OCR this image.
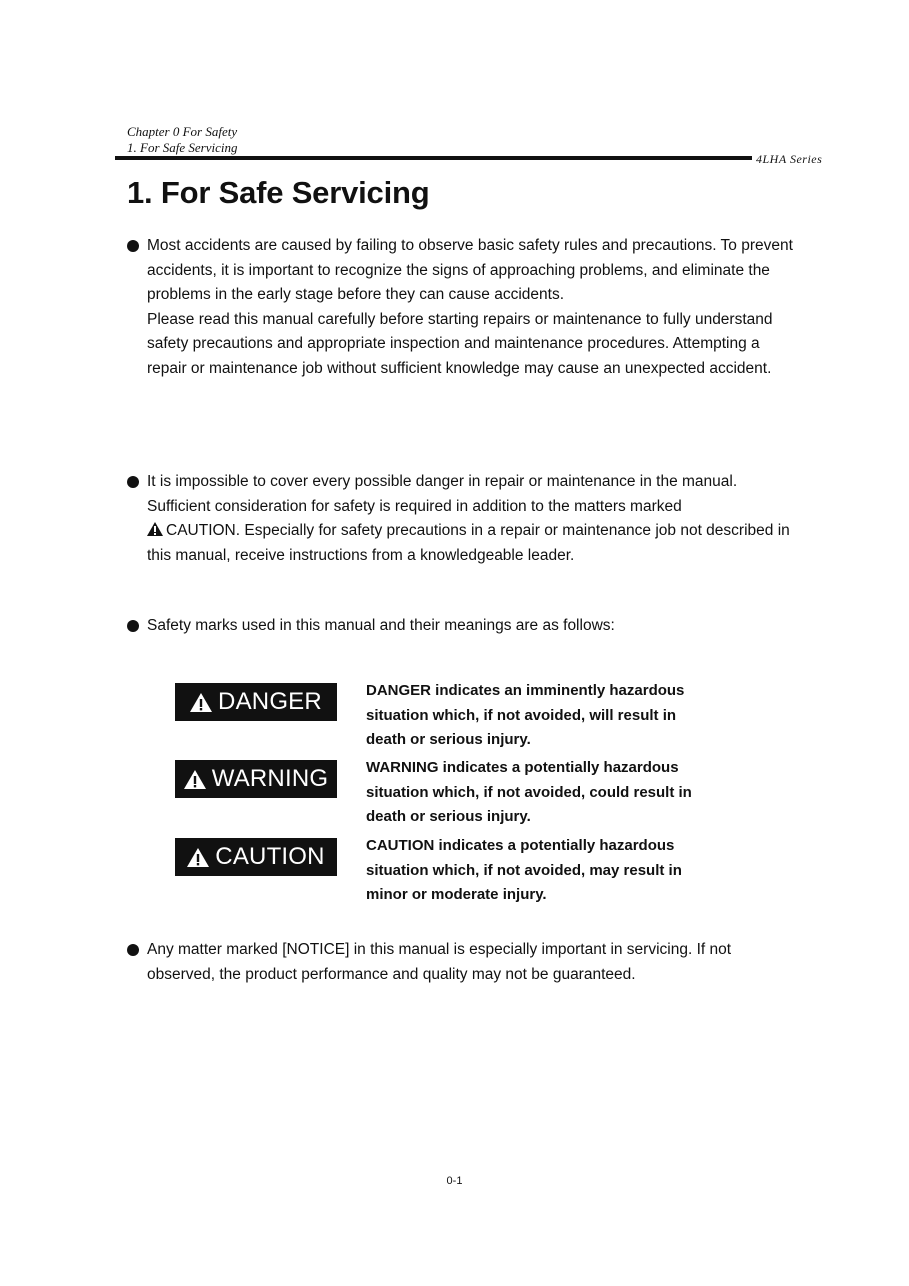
Chapter 0 For Safety
1. For Safe Servicing
4LHA Series
1. For Safe Servicing

Most accidents are caused by failing to observe basic safety rules and precautions. To prevent accidents, it is important to recognize the signs of approaching problems, and eliminate the problems in the early stage before they can cause accidents.

Please read this manual carefully before starting repairs or maintenance to fully understand safety precautions and appropriate inspection and maintenance procedures. Attempting a repair or maintenance job without sufficient knowledge may cause an unexpected accident.

It is impossible to cover every possible danger in repair or maintenance in the manual.

Sufficient consideration for safety is required in addition to the matters marked

CAUTION. Especially for safety precautions in a repair or maintenance job not described in this manual, receive instructions from a knowledgeable leader.

Safety marks used in this manual and their meanings are as follows:

DANGER	DANGER indicates an imminently hazardous situation which, if not avoided, will result in death or serious injury.
WARNING	WARNING indicates a potentially hazardous situation which, if not avoided, could result in death or serious injury.
CAUTION	CAUTION indicates a potentially hazardous situation which, if not avoided, may result in minor or moderate injury.

Any matter marked [NOTICE] in this manual is especially important in servicing. If not observed, the product performance and quality may not be guaranteed.

0-1
